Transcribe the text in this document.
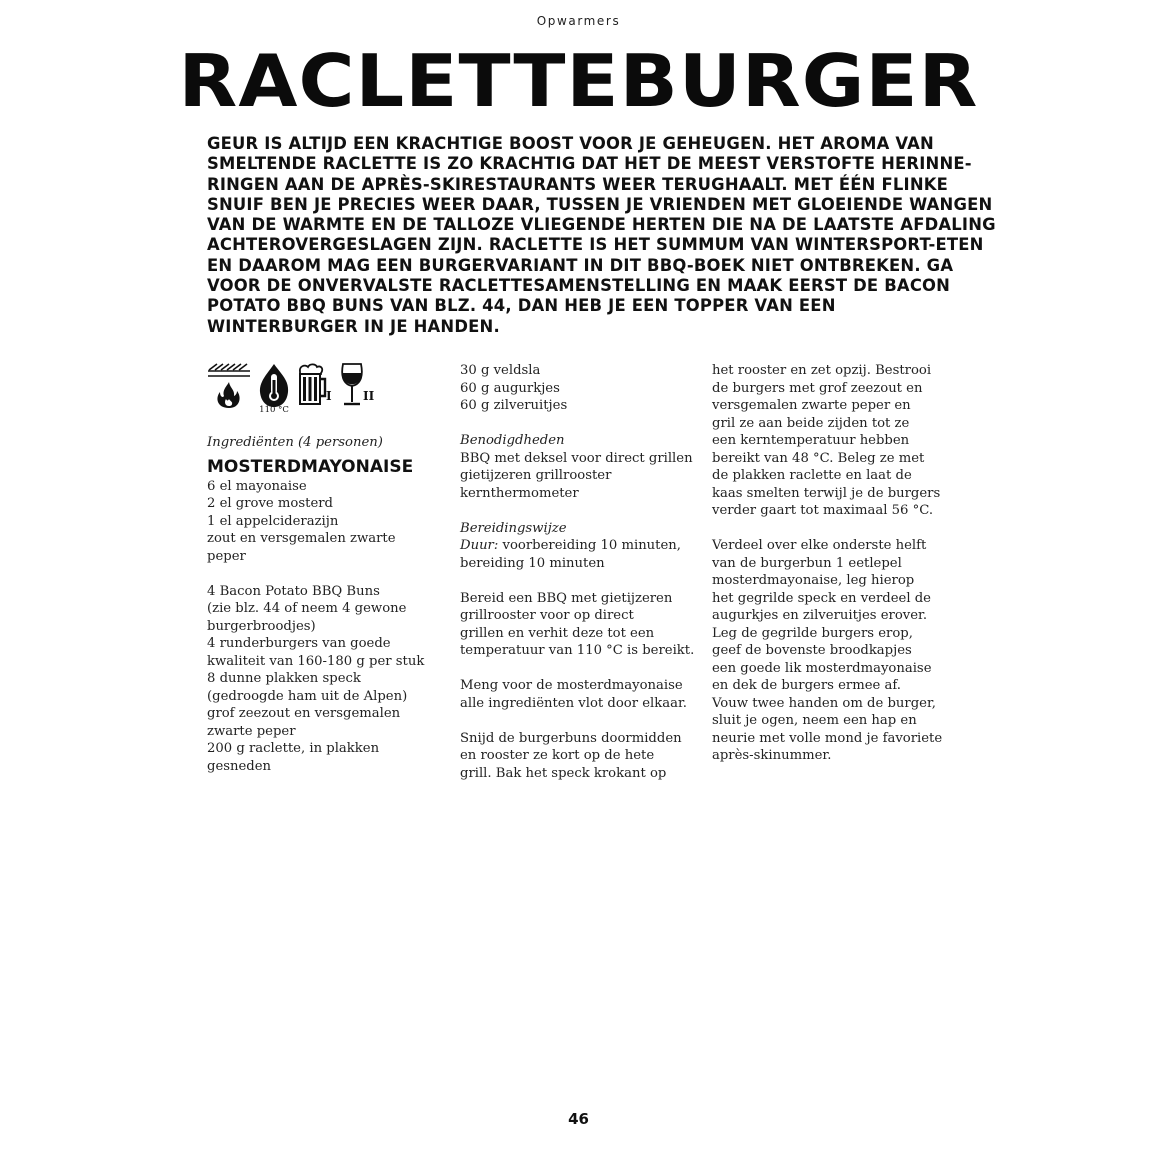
Opwarmers
RACLETTEBURGER
GEUR IS ALTIJD EEN KRACHTIGE BOOST VOOR JE GEHEUGEN. HET AROMA VAN
SMELTENDE RACLETTE IS ZO KRACHTIG DAT HET DE MEEST VERSTOFTE HERINNE-
RINGEN AAN DE APRÈS-SKIRESTAURANTS WEER TERUGHAALT. MET ÉÉN FLINKE
SNUIF BEN JE PRECIES WEER DAAR, TUSSEN JE VRIENDEN MET GLOEIENDE WANGEN
VAN DE WARMTE EN DE TALLOZE VLIEGENDE HERTEN DIE NA DE LAATSTE AFDALING
ACHTEROVERGESLAGEN ZIJN. RACLETTE IS HET SUMMUM VAN WINTERSPORT-ETEN
EN DAAROM MAG EEN BURGERVARIANT IN DIT BBQ-BOEK NIET ONTBREKEN. GA
VOOR DE ONVERVALSTE RACLETTESAMENSTELLING EN MAAK EERST DE BACON
POTATO BBQ BUNS VAN BLZ. 44, DAN HEB JE EEN TOPPER VAN EEN
WINTERBURGER IN JE HANDEN.
110 °C
I	II
Ingrediënten (4 personen)
MOSTERDMAYONAISE
6 el mayonaise
2 el grove mosterd
1 el appelciderazijn
zout en versgemalen zwarte
peper
4 Bacon Potato BBQ Buns
(zie blz. 44 of neem 4 gewone
burgerbroodjes)
4 runderburgers van goede
kwaliteit van 160-180 g per stuk
8 dunne plakken speck
(gedroogde ham uit de Alpen)
grof zeezout en versgemalen
zwarte peper
200 g raclette, in plakken
gesneden
30 g veldsla
60 g augurkjes
60 g zilveruitjes
Benodigdheden
BBQ met deksel voor direct grillen
gietijzeren grillrooster
kernthermometer
Bereidingswijze
Duur: voorbereiding 10 minuten,
bereiding 10 minuten
Bereid een BBQ met gietijzeren
grillrooster voor op direct
grillen en verhit deze tot een
temperatuur van 110 °C is bereikt.
Meng voor de mosterdmayonaise
alle ingrediënten vlot door elkaar.
Snijd de burgerbuns doormidden
en rooster ze kort op de hete
grill. Bak het speck krokant op
het rooster en zet opzij. Bestrooi
de burgers met grof zeezout en
versgemalen zwarte peper en
gril ze aan beide zijden tot ze
een kerntemperatuur hebben
bereikt van 48 °C. Beleg ze met
de plakken raclette en laat de
kaas smelten terwijl je de burgers
verder gaart tot maximaal 56 °C.
Verdeel over elke onderste helft
van de burgerbun 1 eetlepel
mosterdmayonaise, leg hierop
het gegrilde speck en verdeel de
augurkjes en zilveruitjes erover.
Leg de gegrilde burgers erop,
geef de bovenste broodkapjes
een goede lik mosterdmayonaise
en dek de burgers ermee af.
Vouw twee handen om de burger,
sluit je ogen, neem een hap en
neurie met volle mond je favoriete
après-skinummer.
46
